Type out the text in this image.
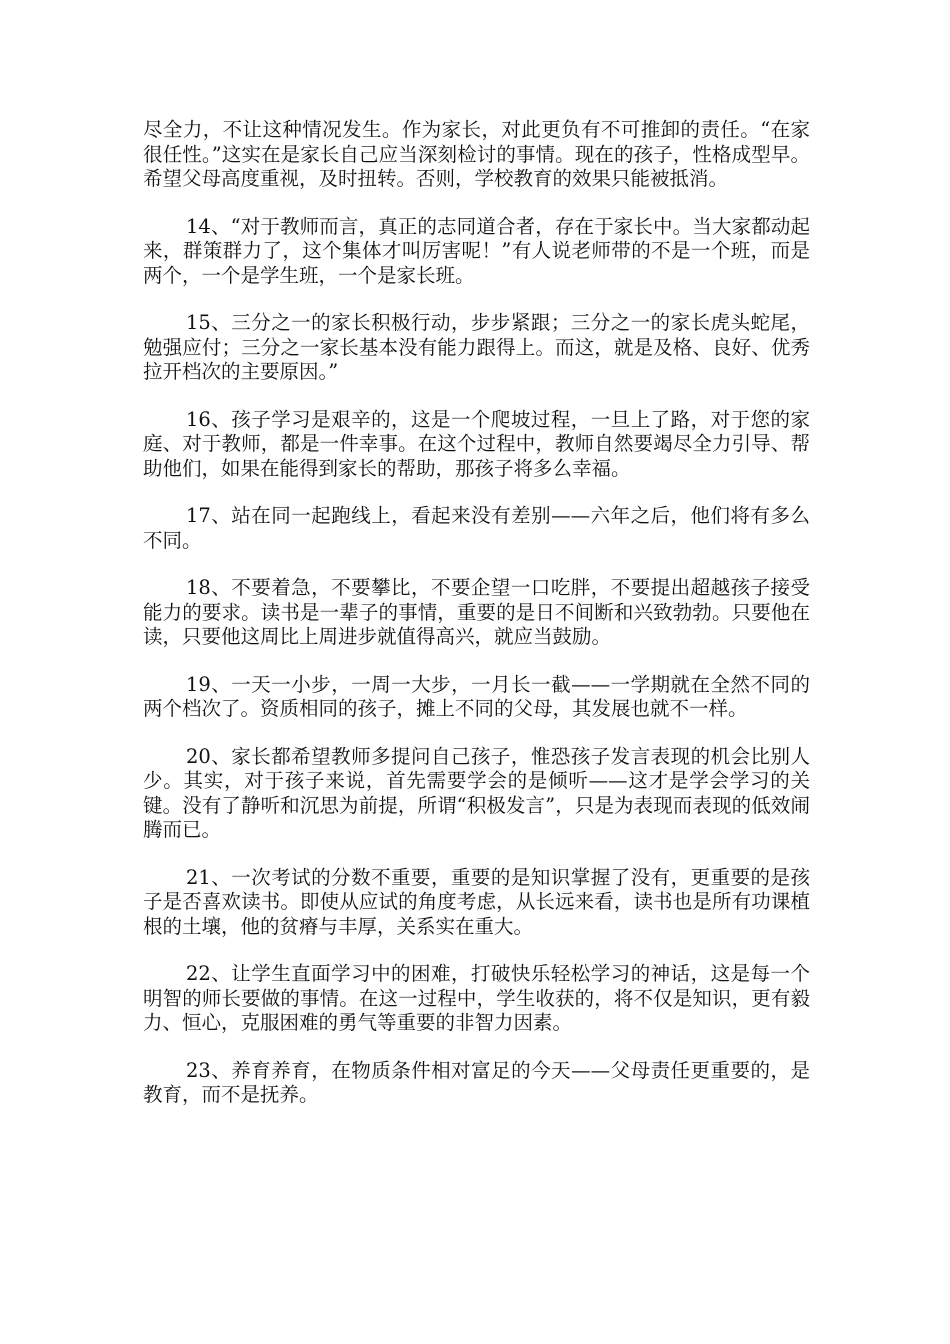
尽全力，不让这种情况发生。作为家长，对此更负有不可推卸的责任。“在家很任性。”这实在是家长自己应当深刻检讨的事情。现在的孩子，性格成型早。希望父母高度重视，及时扭转。否则，学校教育的效果只能被抵消。

14、“对于教师而言，真正的志同道合者，存在于家长中。当大家都动起来，群策群力了，这个集体才叫厉害呢！”有人说老师带的不是一个班，而是两个，一个是学生班，一个是家长班。

15、三分之一的家长积极行动，步步紧跟；三分之一的家长虎头蛇尾，勉强应付；三分之一家长基本没有能力跟得上。而这，就是及格、良好、优秀拉开档次的主要原因。”

16、孩子学习是艰辛的，这是一个爬坡过程，一旦上了路，对于您的家庭、对于教师，都是一件幸事。在这个过程中，教师自然要竭尽全力引导、帮助他们，如果在能得到家长的帮助，那孩子将多么幸福。

17、站在同一起跑线上，看起来没有差别——六年之后，他们将有多么不同。

18、不要着急，不要攀比，不要企望一口吃胖，不要提出超越孩子接受能力的要求。读书是一辈子的事情，重要的是日不间断和兴致勃勃。只要他在读，只要他这周比上周进步就值得高兴，就应当鼓励。

19、一天一小步，一周一大步，一月长一截——一学期就在全然不同的两个档次了。资质相同的孩子，摊上不同的父母，其发展也就不一样。

20、家长都希望教师多提问自己孩子，惟恐孩子发言表现的机会比别人少。其实，对于孩子来说，首先需要学会的是倾听——这才是学会学习的关键。没有了静听和沉思为前提，所谓“积极发言”，只是为表现而表现的低效闹腾而已。

21、一次考试的分数不重要，重要的是知识掌握了没有，更重要的是孩子是否喜欢读书。即使从应试的角度考虑，从长远来看，读书也是所有功课植根的土壤，他的贫瘠与丰厚，关系实在重大。

22、让学生直面学习中的困难，打破快乐轻松学习的神话，这是每一个明智的师长要做的事情。在这一过程中，学生收获的，将不仅是知识，更有毅力、恒心，克服困难的勇气等重要的非智力因素。

23、养育养育，在物质条件相对富足的今天——父母责任更重要的，是教育，而不是抚养。
